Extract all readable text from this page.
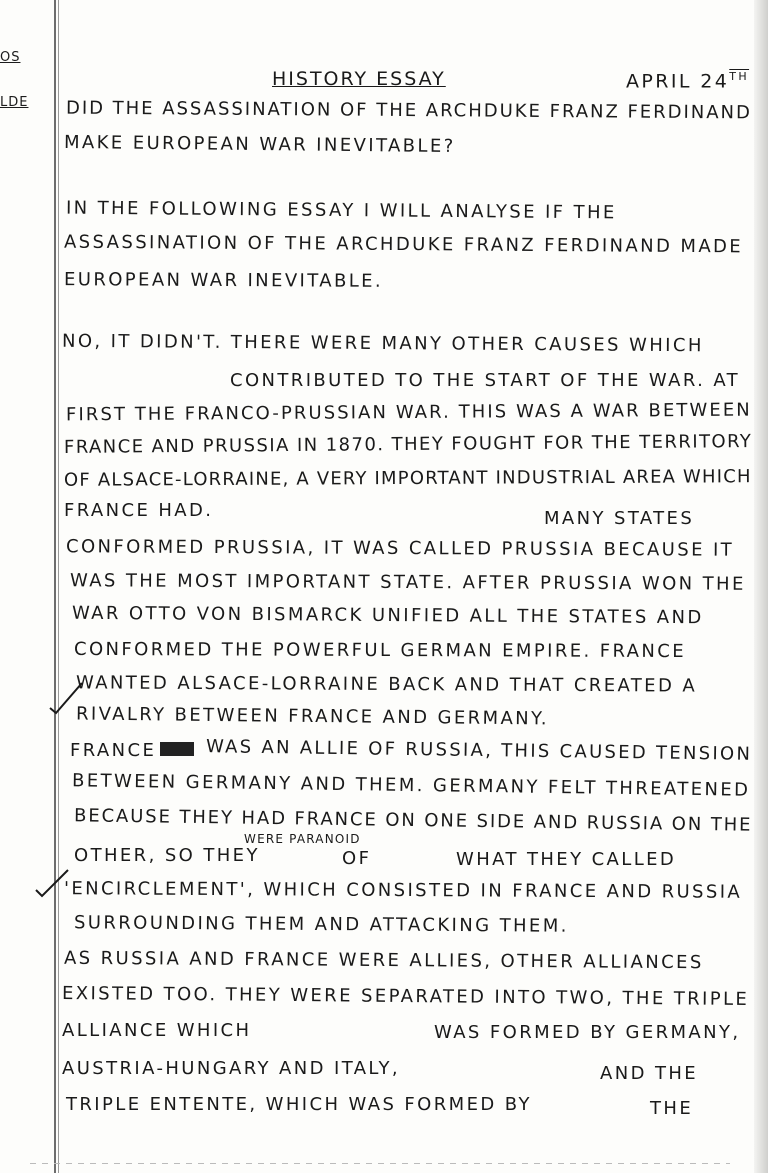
OS
LDE
HISTORY ESSAY	APRIL 24TH
DID THE ASSASSINATION OF THE ARCHDUKE FRANZ FERDINAND
MAKE EUROPEAN WAR INEVITABLE?
IN THE FOLLOWING ESSAY I WILL ANALYSE IF THE
ASSASSINATION OF THE ARCHDUKE FRANZ FERDINAND MADE
EUROPEAN WAR INEVITABLE.
NO, IT DIDN'T. THERE WERE MANY OTHER CAUSES WHICH
CONTRIBUTED TO THE START OF THE WAR. AT
FIRST THE FRANCO-PRUSSIAN WAR. THIS WAS A WAR BETWEEN
FRANCE AND PRUSSIA IN 1870. THEY FOUGHT FOR THE TERRITORY
OF ALSACE-LORRAINE, A VERY IMPORTANT INDUSTRIAL AREA WHICH
FRANCE HAD.	MANY STATES
CONFORMED PRUSSIA, IT WAS CALLED PRUSSIA BECAUSE IT
WAS THE MOST IMPORTANT STATE. AFTER PRUSSIA WON THE
WAR OTTO VON BISMARCK UNIFIED ALL THE STATES AND
CONFORMED THE POWERFUL GERMAN EMPIRE. FRANCE
WANTED ALSACE-LORRAINE BACK AND THAT CREATED A
RIVALRY BETWEEN FRANCE AND GERMANY.
FRANCE	WAS AN ALLIE OF RUSSIA, THIS CAUSED TENSION
BETWEEN GERMANY AND THEM. GERMANY FELT THREATENED
BECAUSE THEY HAD FRANCE ON ONE SIDE AND RUSSIA ON THE
WERE PARANOID
OTHER, SO THEY	OF	WHAT THEY CALLED
'ENCIRCLEMENT', WHICH CONSISTED IN FRANCE AND RUSSIA
SURROUNDING THEM AND ATTACKING THEM.
AS RUSSIA AND FRANCE WERE ALLIES, OTHER ALLIANCES
EXISTED TOO. THEY WERE SEPARATED INTO TWO, THE TRIPLE
ALLIANCE WHICH	WAS FORMED BY GERMANY,
AUSTRIA-HUNGARY AND ITALY,	AND THE
TRIPLE ENTENTE, WHICH WAS FORMED BY	THE
